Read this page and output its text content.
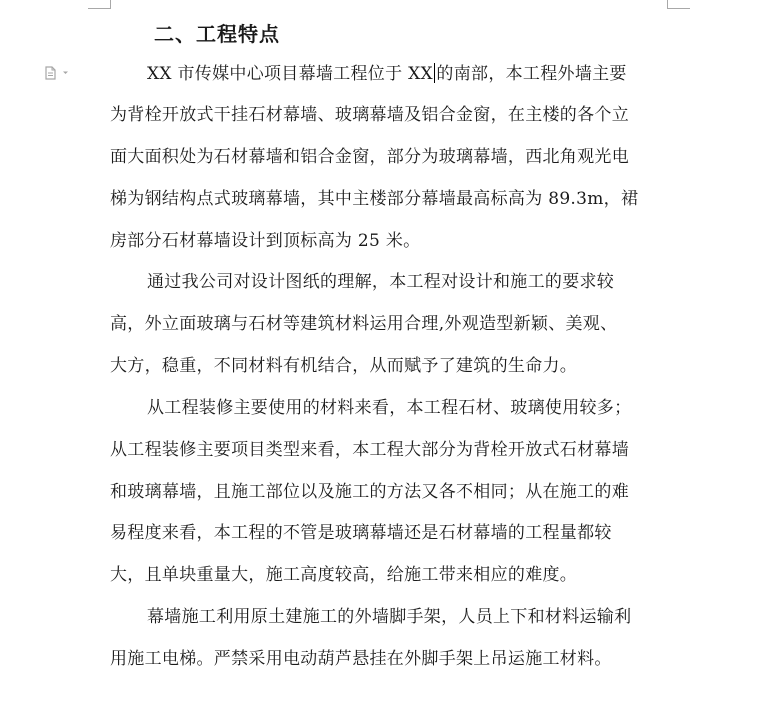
二、工程特点
XX 市传媒中心项目幕墙工程位于 XX 的南部，本工程外墙主要
为背栓开放式干挂石材幕墙、玻璃幕墙及铝合金窗，在主楼的各个立
面大面积处为石材幕墙和铝合金窗，部分为玻璃幕墙，西北角观光电
梯为钢结构点式玻璃幕墙，其中主楼部分幕墙最高标高为 89.3m，裙
房部分石材幕墙设计到顶标高为 25 米。
通过我公司对设计图纸的理解，本工程对设计和施工的要求较
高，外立面玻璃与石材等建筑材料运用合理,外观造型新颖、美观、
大方，稳重，不同材料有机结合，从而赋予了建筑的生命力。
从工程装修主要使用的材料来看，本工程石材、玻璃使用较多；
从工程装修主要项目类型来看，本工程大部分为背栓开放式石材幕墙
和玻璃幕墙，且施工部位以及施工的方法又各不相同；从在施工的难
易程度来看，本工程的不管是玻璃幕墙还是石材幕墙的工程量都较
大，且单块重量大，施工高度较高，给施工带来相应的难度。
幕墙施工利用原土建施工的外墙脚手架，人员上下和材料运输利
用施工电梯。严禁采用电动葫芦悬挂在外脚手架上吊运施工材料。
